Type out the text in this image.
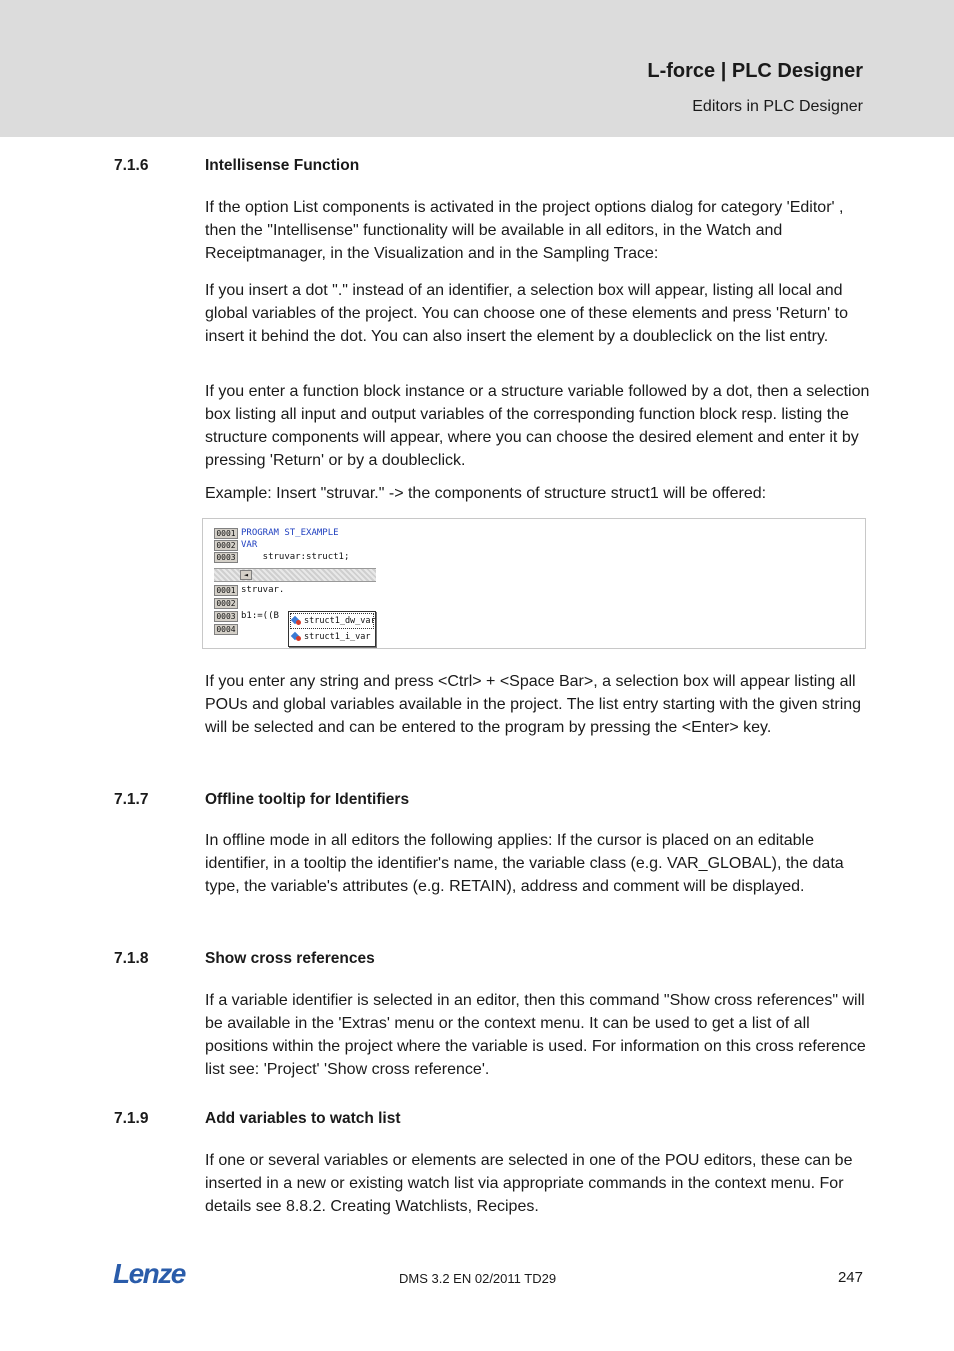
L-force | PLC Designer
Editors in PLC Designer
7.1.6	Intellisense Function

If the option List components is activated in the project options dialog for category 'Editor' , then the "Intellisense" functionality will be available in all editors, in the Watch and Receiptmanager, in the Visualization and in the Sampling Trace:

If you insert a dot "." instead of an identifier, a selection box will appear, listing all local and global variables of the project. You can choose one of these elements and press 'Return' to insert it behind the dot. You can also insert the element by a doubleclick on the list entry.

If you enter a function block instance or a structure variable followed by a dot, then a selection box listing all input and output variables of the corresponding function block resp. listing the structure components will appear, where you can choose the desired element and enter it by pressing 'Return' or by a doubleclick.

Example: Insert "struvar." -> the components of structure struct1 will be offered:

0001 PROGRAM ST_EXAMPLE
0002 VAR
0003 struvar:struct1;
◄
0001 struvar.
0002
0003 b1:=((B
0004
struct1_dw_var
struct1_i_var

If you enter any string and press <Ctrl> + <Space Bar>, a selection box will appear listing all POUs and global variables available in the project. The list entry starting with the given string will be selected and can be entered to the program by pressing the <Enter> key.

7.1.7	Offline tooltip for Identifiers

In offline mode in all editors the following applies: If the cursor is placed on an editable identifier, in a tooltip the identifier's name, the variable class (e.g. VAR_GLOBAL), the data type, the variable's attributes (e.g. RETAIN), address and comment will be displayed.

7.1.8	Show cross references

If a variable identifier is selected in an editor, then this command "Show cross references" will be available in the 'Extras' menu or the context menu. It can be used to get a list of all positions within the project where the variable is used. For information on this cross reference list see: 'Project' 'Show cross reference'.

7.1.9	Add variables to watch list

If one or several variables or elements are selected in one of the POU editors, these can be inserted in a new or existing watch list via appropriate commands in the context menu. For details see 8.8.2. Creating Watchlists, Recipes.

Lenze	DMS 3.2 EN 02/2011 TD29	247
